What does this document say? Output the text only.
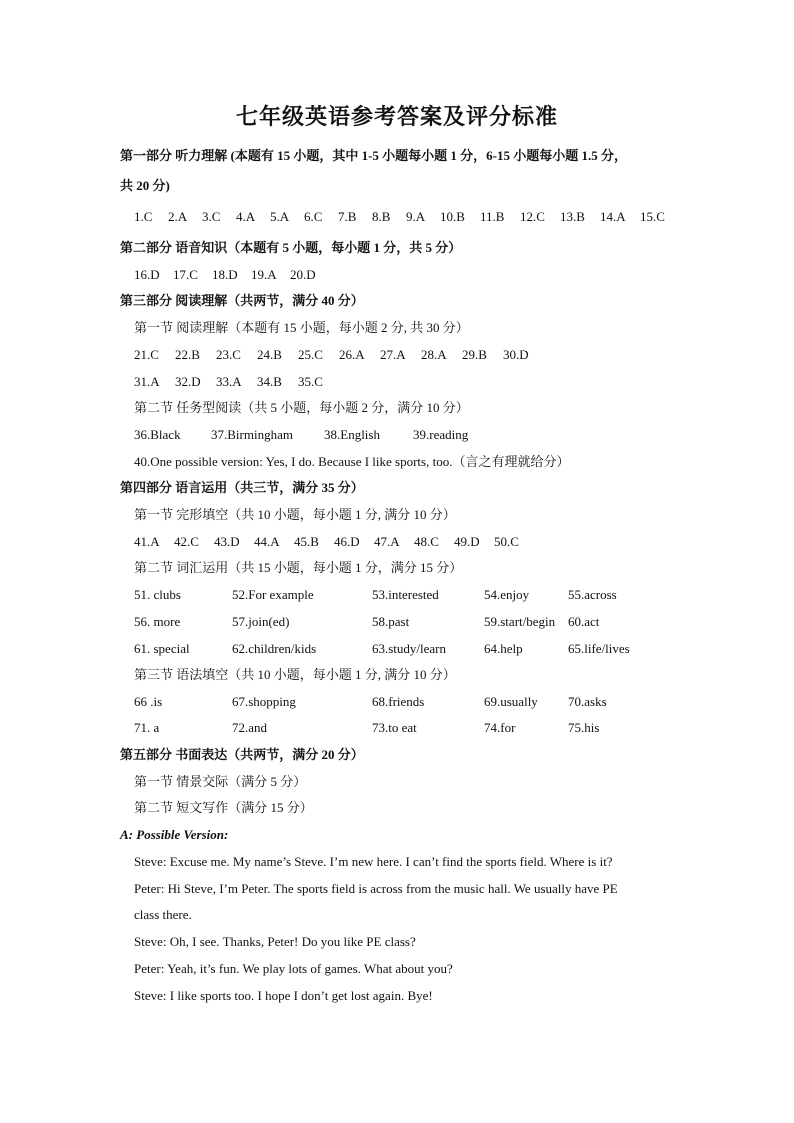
七年级英语参考答案及评分标准
第一部分 听力理解 (本题有 15 小题，其中 1-5 小题每小题 1 分，6-15 小题每小题 1.5 分，
共 20 分)
1.C 2.A 3.C 4.A 5.A 6.C 7.B 8.B 9.A 10.B 11.B 12.C 13.B 14.A 15.C
第二部分 语音知识（本题有 5 小题，每小题 1 分，共 5 分）
16.D 17.C 18.D 19.A 20.D
第三部分 阅读理解（共两节，满分 40 分）
第一节 阅读理解（本题有 15 小题，每小题 2 分, 共 30 分）
21.C 22.B 23.C 24.B 25.C 26.A 27.A 28.A 29.B 30.D
31.A 32.D 33.A 34.B 35.C
第二节 任务型阅读（共 5 小题，每小题 2 分，满分 10 分）
36.Black 37.Birmingham 38.English	39.reading
40.One possible version: Yes, I do. Because I like sports, too.（言之有理就给分）
第四部分 语言运用（共三节，满分 35 分）
第一节 完形填空（共 10 小题，每小题 1 分, 满分 10 分）
41.A 42.C 43.D 44.A 45.B 46.D 47.A 48.C 49.D 50.C
第二节 词汇运用（共 15 小题，每小题 1 分，满分 15 分）
51. clubs	52.For example	53.interested	54.enjoy	55.across
56. more	57.join(ed)	58.past	59.start/begin 60.act
61. special	62.children/kids	63.study/learn	64.help	65.life/lives
第三节 语法填空（共 10 小题，每小题 1 分, 满分 10 分）
66 .is	67.shopping	68.friends	69.usually 70.asks
71. a	72.and	73.to eat	74.for	75.his
第五部分 书面表达（共两节，满分 20 分）
第一节 情景交际（满分 5 分）
第二节 短文写作（满分 15 分）
A: Possible Version:
Steve: Excuse me. My name’s Steve. I’m new here. I can’t find the sports field. Where is it?
Peter: Hi Steve, I’m Peter. The sports field is across from the music hall. We usually have PE
class there.
Steve: Oh, I see. Thanks, Peter! Do you like PE class?
Peter: Yeah, it’s fun. We play lots of games. What about you?
Steve: I like sports too. I hope I don’t get lost again. Bye!
